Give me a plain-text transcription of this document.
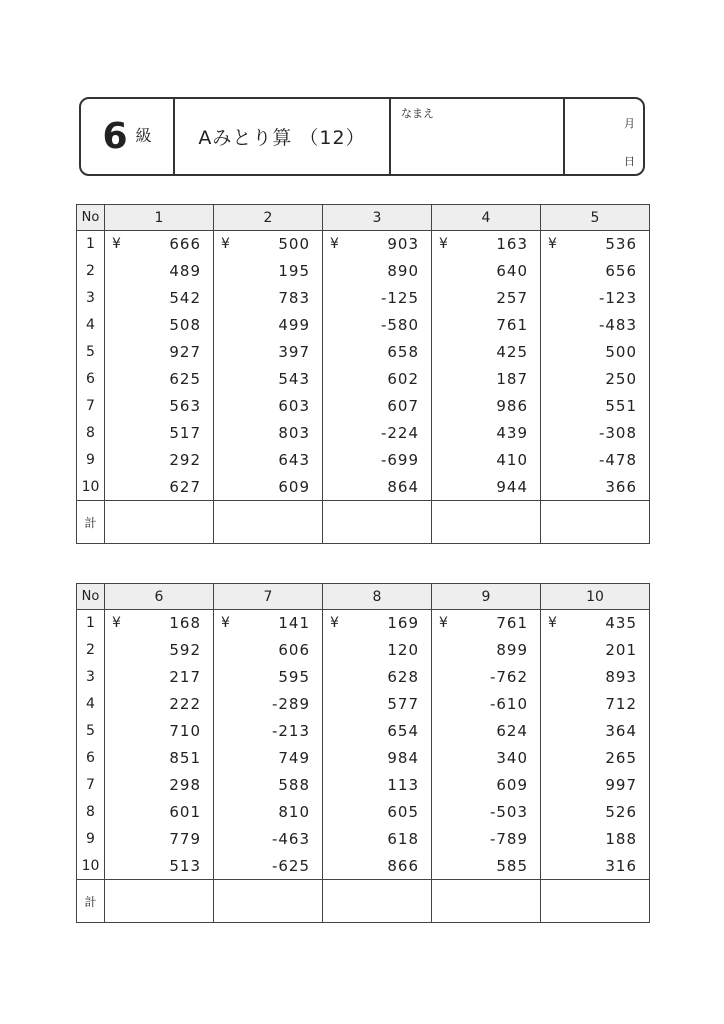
6 級 Aみとり算 （12）
なまえ
月
日
No	1	2	3	4	5
1	¥ 666	¥ 500	¥ 903	¥ 163	¥ 536
2	489	195	890	640	656
3	542	783	-125	257	-123
4	508	499	-580	761	-483
5	927	397	658	425	500
6	625	543	602	187	250
7	563	603	607	986	551
8	517	803	-224	439	-308
9	292	643	-699	410	-478
10	627	609	864	944	366
計					
No	6	7	8	9	10
1	¥ 168	¥ 141	¥ 169	¥ 761	¥ 435
2	592	606	120	899	201
3	217	595	628	-762	893
4	222	-289	577	-610	712
5	710	-213	654	624	364
6	851	749	984	340	265
7	298	588	113	609	997
8	601	810	605	-503	526
9	779	-463	618	-789	188
10	513	-625	866	585	316
計					
